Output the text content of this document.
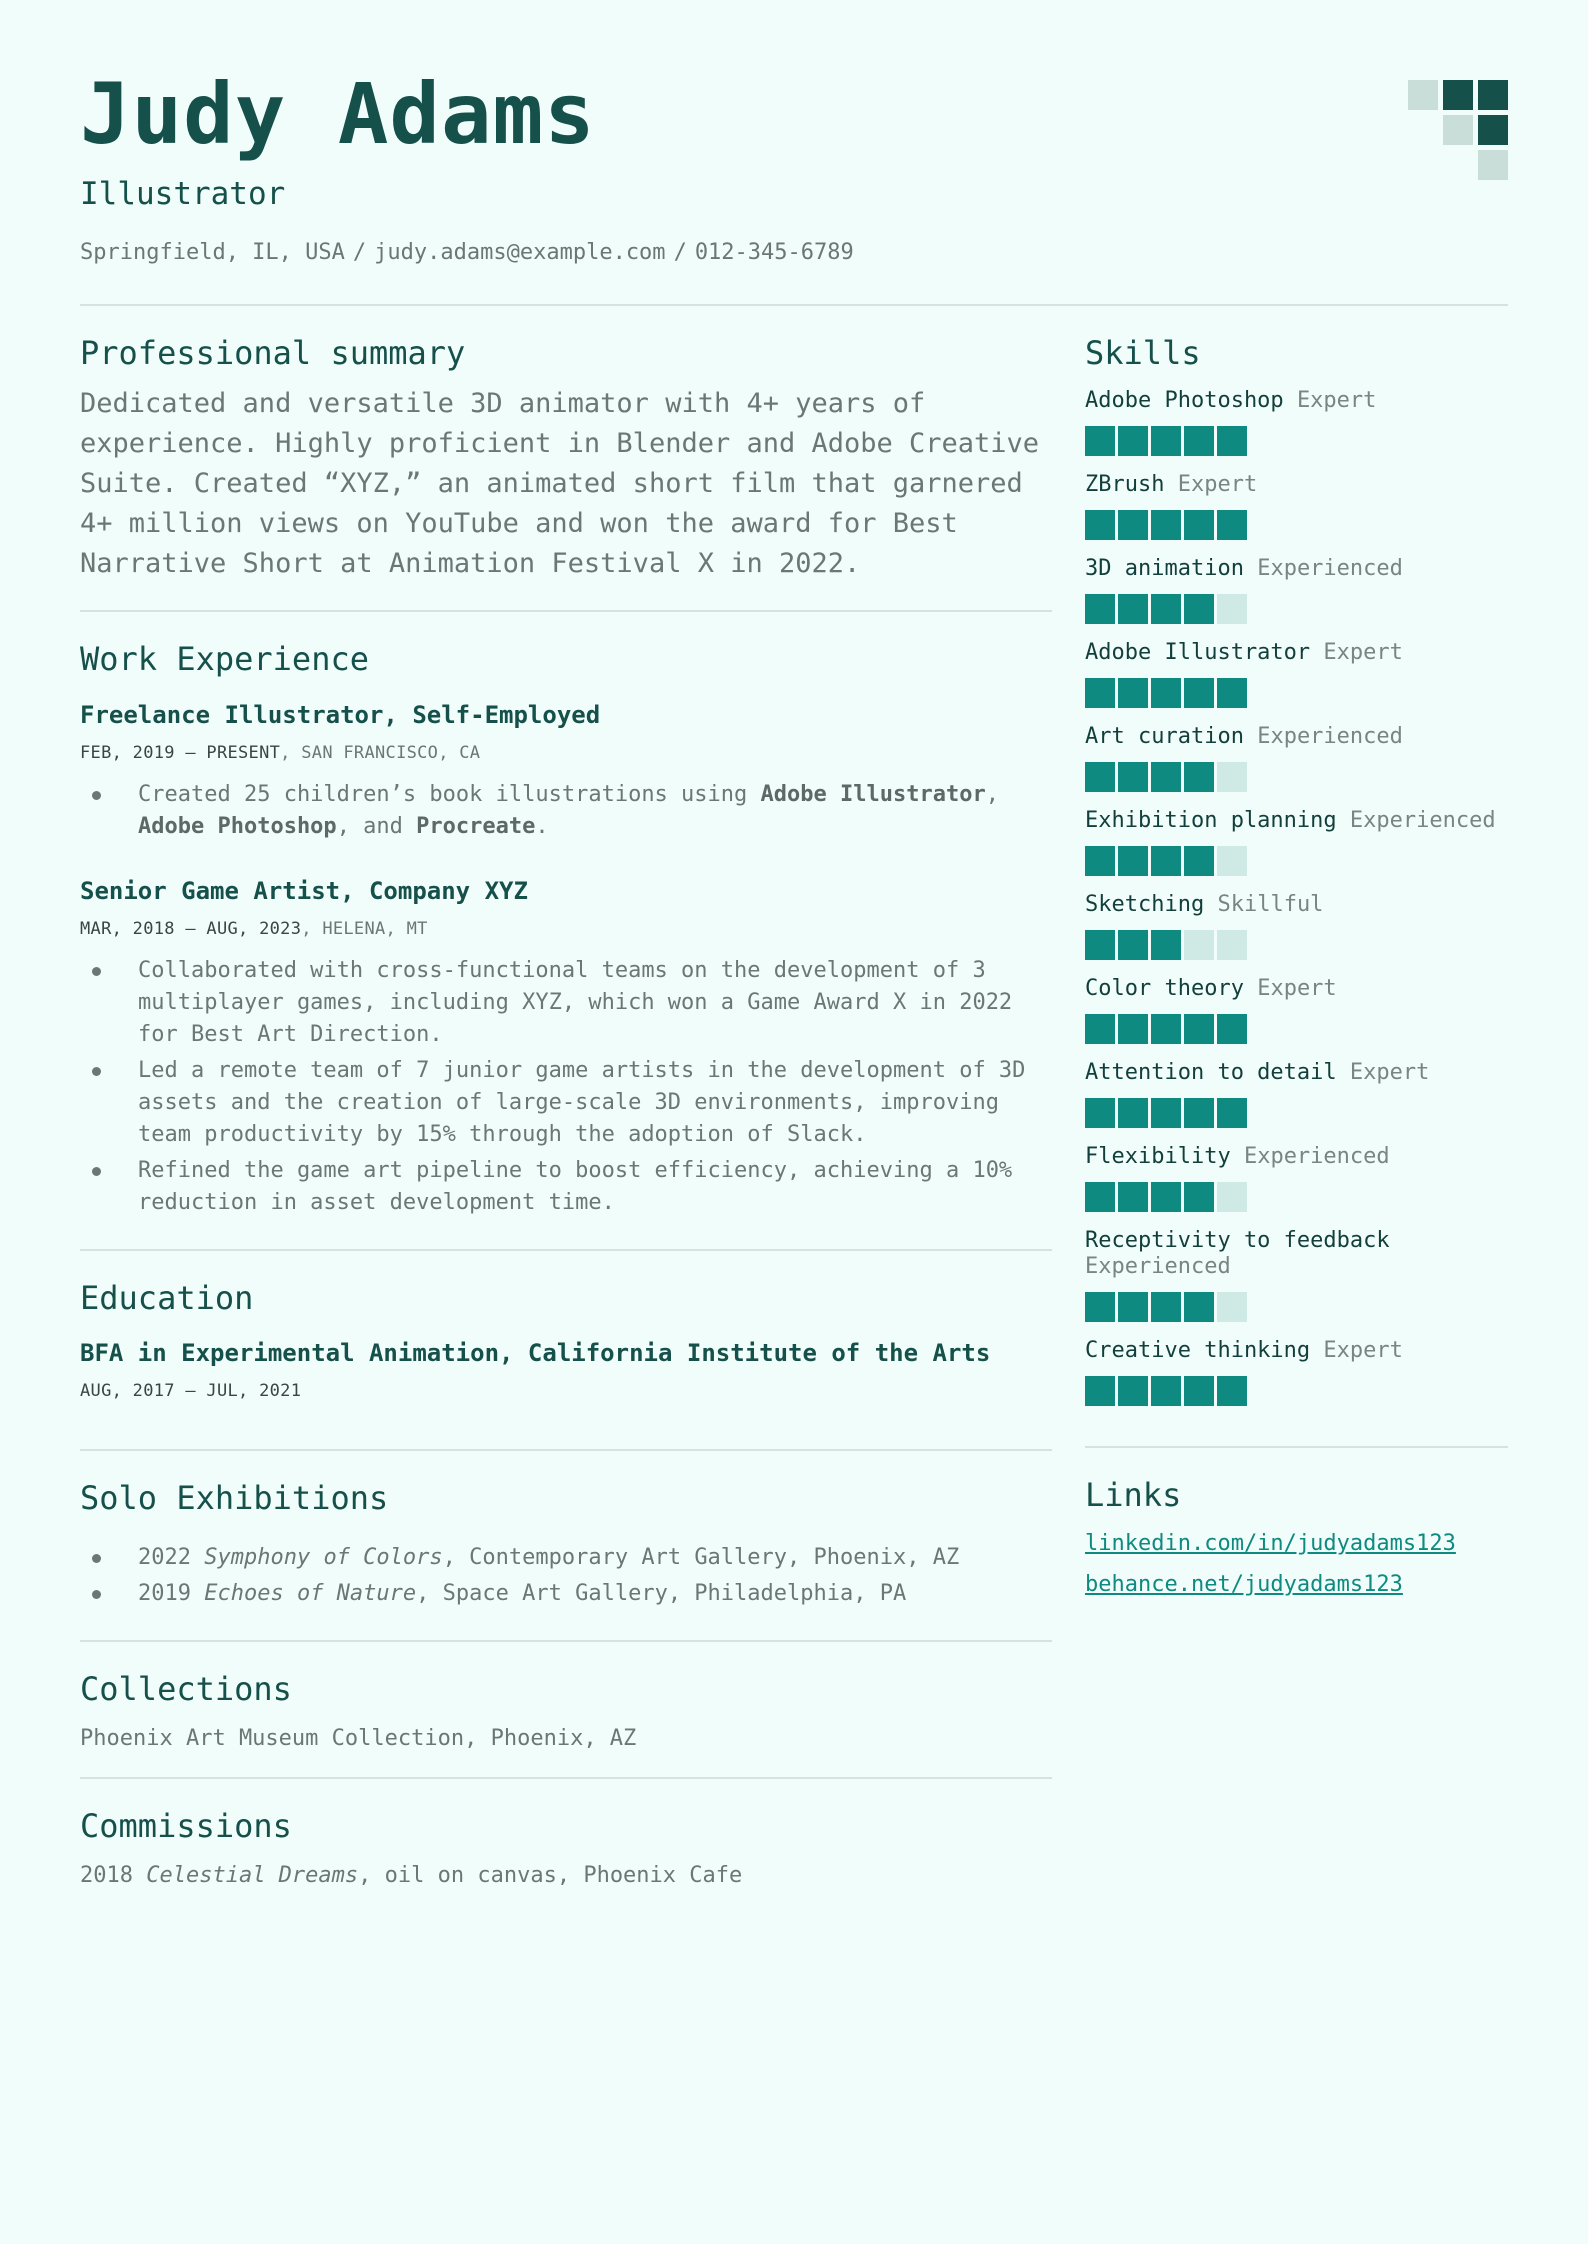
Judy Adams
Illustrator
Springfield, IL, USA / judy.adams@example.com / 012-345-6789
Professional summary
Dedicated and versatile 3D animator with 4+ years of experience. Highly proficient in Blender and Adobe Creative Suite. Created “XYZ,” an animated short film that garnered 4+ million views on YouTube and won the award for Best Narrative Short at Animation Festival X in 2022.
Work Experience
Freelance Illustrator, Self-Employed
FEB, 2019 – PRESENT, SAN FRANCISCO, CA
Created 25 children’s book illustrations using Adobe Illustrator, Adobe Photoshop, and Procreate.
Senior Game Artist, Company XYZ
MAR, 2018 – AUG, 2023, HELENA, MT
Collaborated with cross-functional teams on the development of 3 multiplayer games, including XYZ, which won a Game Award X in 2022 for Best Art Direction.
Led a remote team of 7 junior game artists in the development of 3D assets and the creation of large-scale 3D environments, improving team productivity by 15% through the adoption of Slack.
Refined the game art pipeline to boost efficiency, achieving a 10% reduction in asset development time.
Education
BFA in Experimental Animation, California Institute of the Arts
AUG, 2017 – JUL, 2021
Solo Exhibitions
2022 Symphony of Colors, Contemporary Art Gallery, Phoenix, AZ
2019 Echoes of Nature, Space Art Gallery, Philadelphia, PA
Collections
Phoenix Art Museum Collection, Phoenix, AZ
Commissions
2018 Celestial Dreams, oil on canvas, Phoenix Cafe
Skills
Adobe Photoshop Expert
ZBrush Expert
3D animation Experienced
Adobe Illustrator Expert
Art curation Experienced
Exhibition planning Experienced
Sketching Skillful
Color theory Expert
Attention to detail Expert
Flexibility Experienced
Receptivity to feedback Experienced
Creative thinking Expert
Links
linkedin.com/in/judyadams123
behance.net/judyadams123
